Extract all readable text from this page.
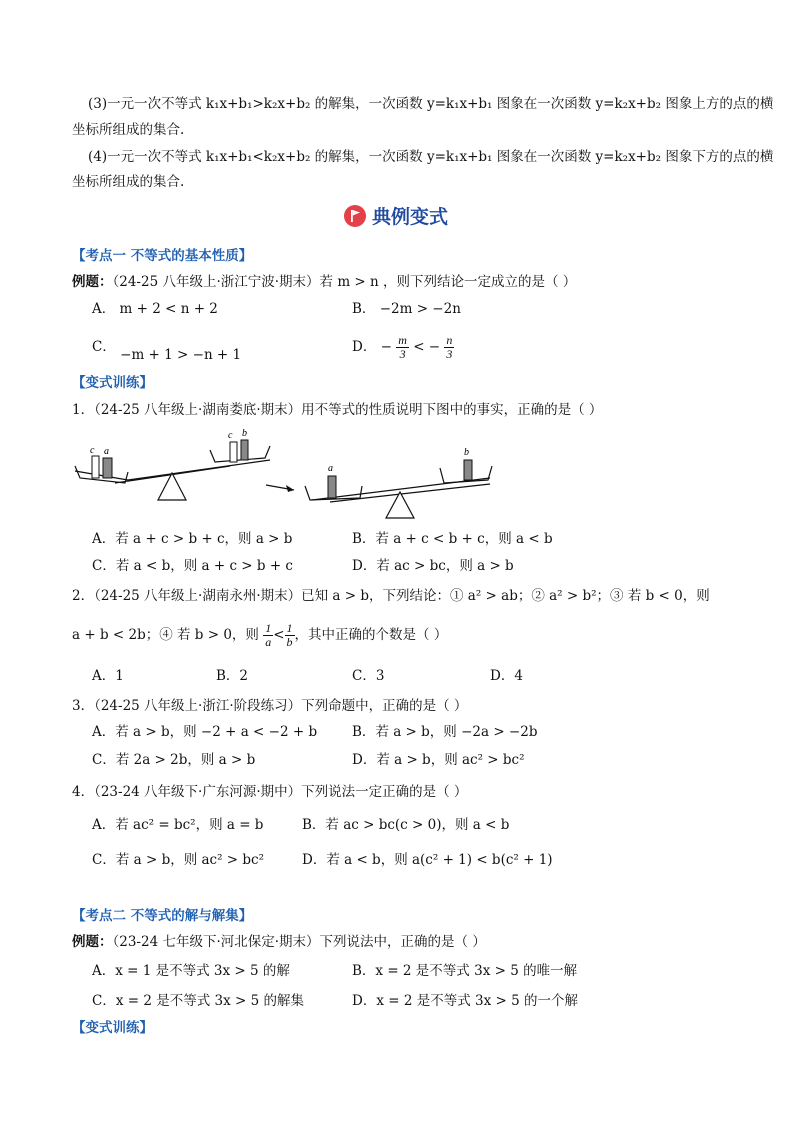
(3)一元一次不等式 k₁x+b₁>k₂x+b₂ 的解集，一次函数 y=k₁x+b₁ 图象在一次函数 y=k₂x+b₂ 图象上方的点的横
坐标所组成的集合.
(4)一元一次不等式 k₁x+b₁<k₂x+b₂ 的解集，一次函数 y=k₁x+b₁ 图象在一次函数 y=k₂x+b₂ 图象下方的点的横
坐标所组成的集合.
典例变式
【考点一 不等式的基本性质】
例题：（24-25 八年级上·浙江宁波·期末）若 m > n ，则下列结论一定成立的是（ ）
A． m + 2 < n + 2	B． −2m > −2n
C． −m + 1 > −n + 1	D． − $\frac{m}{3}$ < − $\frac{n}{3}$
【变式训练】
1．（24-25 八年级上·湖南娄底·期末）用不等式的性质说明下图中的事实，正确的是（ ）
c a
c b
a
b
A．若 a + c > b + c，则 a > b	B．若 a + c < b + c，则 a < b
C．若 a < b，则 a + c > b + c	D．若 ac > bc，则 a > b
2．（24-25 八年级上·湖南永州·期末）已知 a > b，下列结论：① a² > ab；② a² > b²；③ 若 b < 0，则
a + b < 2b；④ 若 b > 0，则 $\frac{1}{a} < \frac{1}{b}$ ，其中正确的个数是（ ）
A．1	B．2	C．3	D．4
3．（24-25 八年级上·浙江·阶段练习）下列命题中，正确的是（ ）
A．若 a > b，则 −2 + a < −2 + b	B．若 a > b，则 −2a > −2b
C．若 2a > 2b，则 a > b	D．若 a > b，则 ac² > bc²
4．（23-24 八年级下·广东河源·期中）下列说法一定正确的是（ ）
A．若 ac² = bc²，则 a = b	B．若 ac > bc(c > 0)，则 a < b
C．若 a > b，则 ac² > bc²	D．若 a < b，则 a(c² + 1) < b(c² + 1)
【考点二 不等式的解与解集】
例题：（23-24 七年级下·河北保定·期末）下列说法中，正确的是（ ）
A．x = 1 是不等式 3x > 5 的解	B．x = 2 是不等式 3x > 5 的唯一解
C．x = 2 是不等式 3x > 5 的解集	D．x = 2 是不等式 3x > 5 的一个解
【变式训练】
